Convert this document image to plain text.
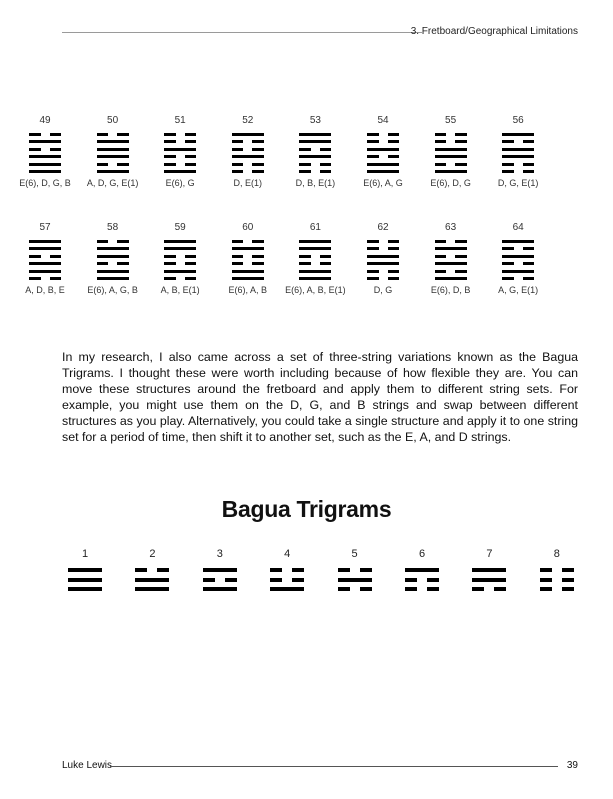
3. Fretboard/Geographical Limitations
49
E(6), D, G, B
50
A, D, G, E(1)
51
E(6), G
52
D, E(1)
53
D, B, E(1)
54
E(6), A, G
55
E(6), D, G
56
D, G, E(1)
57
A, D, B, E
58
E(6), A, G, B
59
A, B, E(1)
60
E(6), A, B
61
E(6), A, B, E(1)
62
D, G
63
E(6), D, B
64
A, G, E(1)

In my research, I also came across a set of three-string variations known as the Bagua Trigrams. I thought these were worth including because of how flexible they are. You can move these structures around the fretboard and apply them to different string sets. For example, you might use them on the D, G, and B strings and swap between different structures as you play. Alternatively, you could take a single structure and apply it to one string set for a period of time, then shift it to another set, such as the E, A, and D strings.

Bagua Trigrams
1	2	3	4	5	6	7	8
Luke Lewis	39
